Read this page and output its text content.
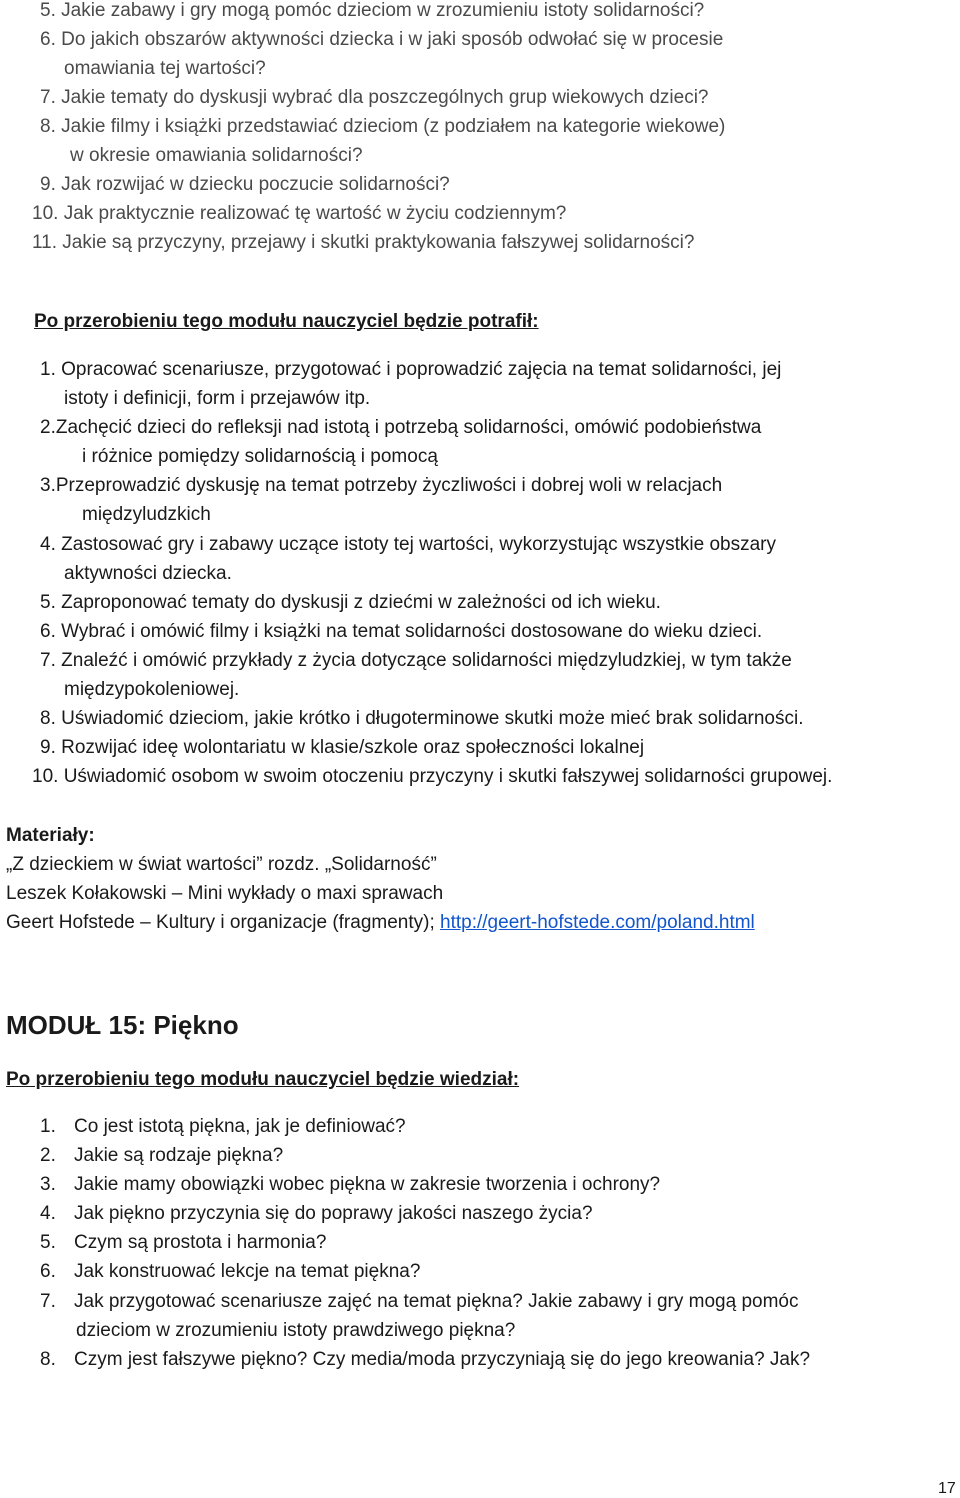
5. Jakie zabawy i gry mogą pomóc dzieciom w zrozumieniu istoty solidarności?
6. Do jakich obszarów aktywności dziecka i w jaki sposób odwołać się w procesie
omawiania tej wartości?
7. Jakie tematy do dyskusji wybrać dla poszczególnych grup wiekowych dzieci?
8. Jakie filmy i książki przedstawiać dzieciom (z podziałem na kategorie wiekowe)
w okresie omawiania solidarności?
9. Jak rozwijać w dziecku poczucie solidarności?
10. Jak praktycznie realizować tę wartość w życiu codziennym?
11. Jakie są przyczyny, przejawy i skutki praktykowania fałszywej solidarności?
Po przerobieniu tego modułu nauczyciel będzie potrafił:
1. Opracować scenariusze, przygotować i poprowadzić zajęcia na temat solidarności, jej
istoty i definicji, form i przejawów itp.
2.Zachęcić dzieci do refleksji nad istotą i potrzebą solidarności, omówić podobieństwa
i różnice pomiędzy solidarnością i pomocą
3.Przeprowadzić dyskusję na temat potrzeby życzliwości i dobrej woli w relacjach
międzyludzkich
4. Zastosować gry i zabawy uczące istoty tej wartości, wykorzystując wszystkie obszary
aktywności dziecka.
5. Zaproponować tematy do dyskusji z dziećmi w zależności od ich wieku.
6. Wybrać i omówić filmy i książki na temat solidarności dostosowane do wieku dzieci.
7. Znaleźć i omówić przykłady z życia dotyczące solidarności międzyludzkiej, w tym także
międzypokoleniowej.
8. Uświadomić dzieciom, jakie krótko i długoterminowe skutki może mieć brak solidarności.
9. Rozwijać ideę wolontariatu w klasie/szkole oraz społeczności lokalnej
10. Uświadomić osobom w swoim otoczeniu przyczyny i skutki fałszywej solidarności grupowej.
Materiały:
„Z dzieckiem w świat wartości” rozdz. „Solidarność”
Leszek Kołakowski – Mini wykłady o maxi sprawach
Geert Hofstede – Kultury i organizacje (fragmenty); http://geert-hofstede.com/poland.html
MODUŁ 15: Piękno
Po przerobieniu tego modułu nauczyciel będzie wiedział:
1. Co jest istotą piękna, jak je definiować?
2. Jakie są rodzaje piękna?
3. Jakie mamy obowiązki wobec piękna w zakresie tworzenia i ochrony?
4. Jak piękno przyczynia się do poprawy jakości naszego życia?
5. Czym są prostota i harmonia?
6. Jak konstruować lekcje na temat piękna?
7. Jak przygotować scenariusze zajęć na temat piękna? Jakie zabawy i gry mogą pomóc
dzieciom w zrozumieniu istoty prawdziwego piękna?
8. Czym jest fałszywe piękno? Czy media/moda przyczyniają się do jego kreowania? Jak?
17
